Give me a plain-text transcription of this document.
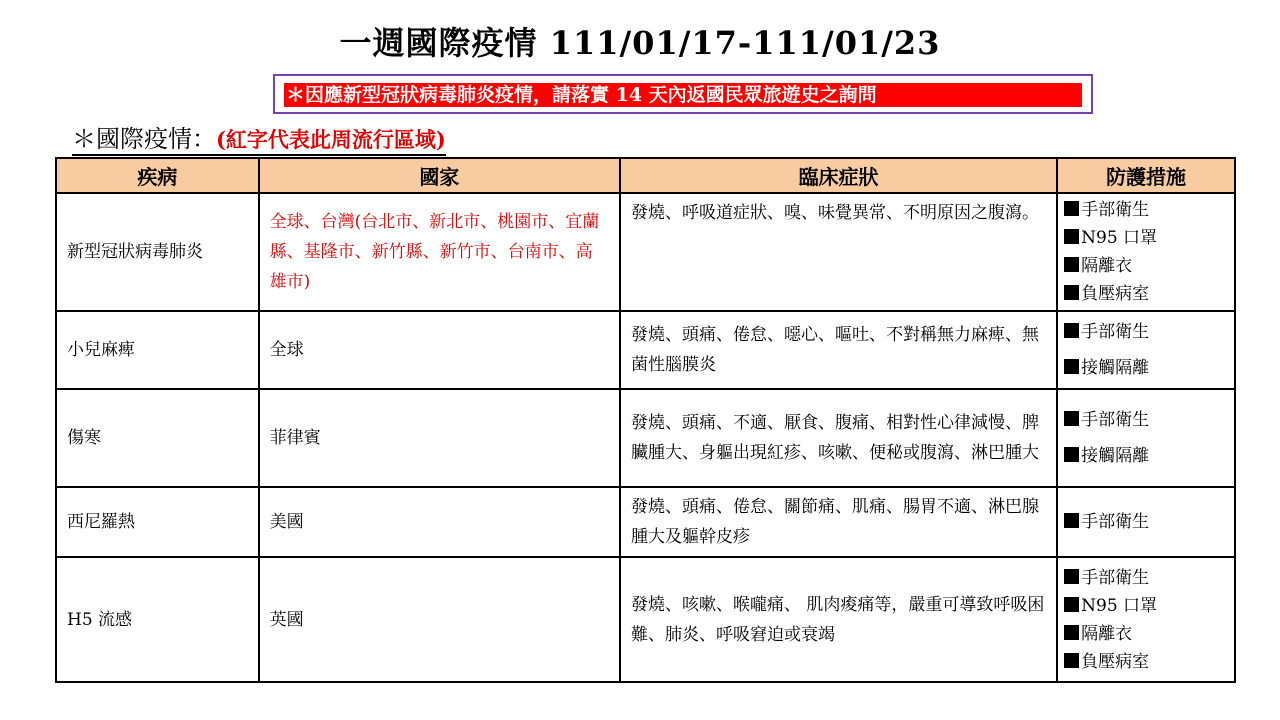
一週國際疫情 111/01/17-111/01/23
＊因應新型冠狀病毒肺炎疫情，請落實 14 天內返國民眾旅遊史之詢問
＊國際疫情：(紅字代表此周流行區域)
疾病	國家	臨床症狀	防護措施
新型冠狀病毒肺炎	全球、台灣(台北市、新北市、桃園市、宜蘭縣、基隆市、新竹縣、新竹市、台南市、高雄市)	發燒、呼吸道症狀、嗅、味覺異常、不明原因之腹瀉。	手部衛生
N95 口罩
隔離衣
負壓病室

小兒麻痺	全球	發燒、頭痛、倦怠、噁心、嘔吐、不對稱無力麻痺、無菌性腦膜炎	手部衛生
接觸隔離

傷寒	菲律賓	發燒、頭痛、不適、厭食、腹痛、相對性心律減慢、脾臟腫大、身軀出現紅疹、咳嗽、便秘或腹瀉、淋巴腫大	手部衛生
接觸隔離

西尼羅熱	美國	發燒、頭痛、倦怠、關節痛、肌痛、腸胃不適、淋巴腺腫大及軀幹皮疹	手部衛生

H5 流感	英國	發燒、咳嗽、喉嚨痛、 肌肉痠痛等，嚴重可導致呼吸困難、肺炎、呼吸窘迫或衰竭	手部衛生
N95 口罩
隔離衣
負壓病室
